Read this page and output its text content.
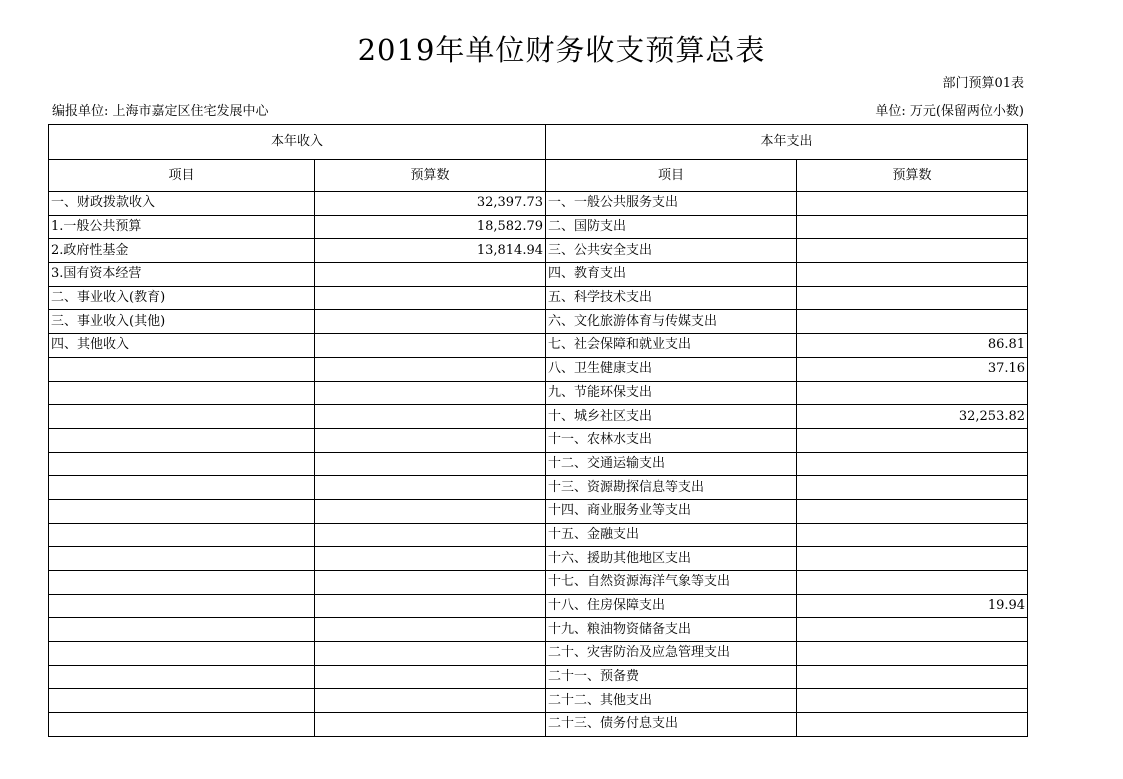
2019年单位财务收支预算总表
部门预算01表
编报单位: 上海市嘉定区住宅发展中心	单位: 万元(保留两位小数)
本年收入		本年支出	
项目	预算数	项目	预算数
一、财政拨款收入	32,397.73	一、一般公共服务支出	
1.一般公共预算	18,582.79	二、国防支出	
2.政府性基金	13,814.94	三、公共安全支出	
3.国有资本经营		四、教育支出	
二、事业收入(教育)		五、科学技术支出	
三、事业收入(其他)		六、文化旅游体育与传媒支出	
四、其他收入		七、社会保障和就业支出	86.81
		八、卫生健康支出	37.16
		九、节能环保支出	
		十、城乡社区支出	32,253.82
		十一、农林水支出	
		十二、交通运输支出	
		十三、资源勘探信息等支出	
		十四、商业服务业等支出	
		十五、金融支出	
		十六、援助其他地区支出	
		十七、自然资源海洋气象等支出	
		十八、住房保障支出	19.94
		十九、粮油物资储备支出	
		二十、灾害防治及应急管理支出	
		二十一、预备费	
		二十二、其他支出	
		二十三、债务付息支出	
